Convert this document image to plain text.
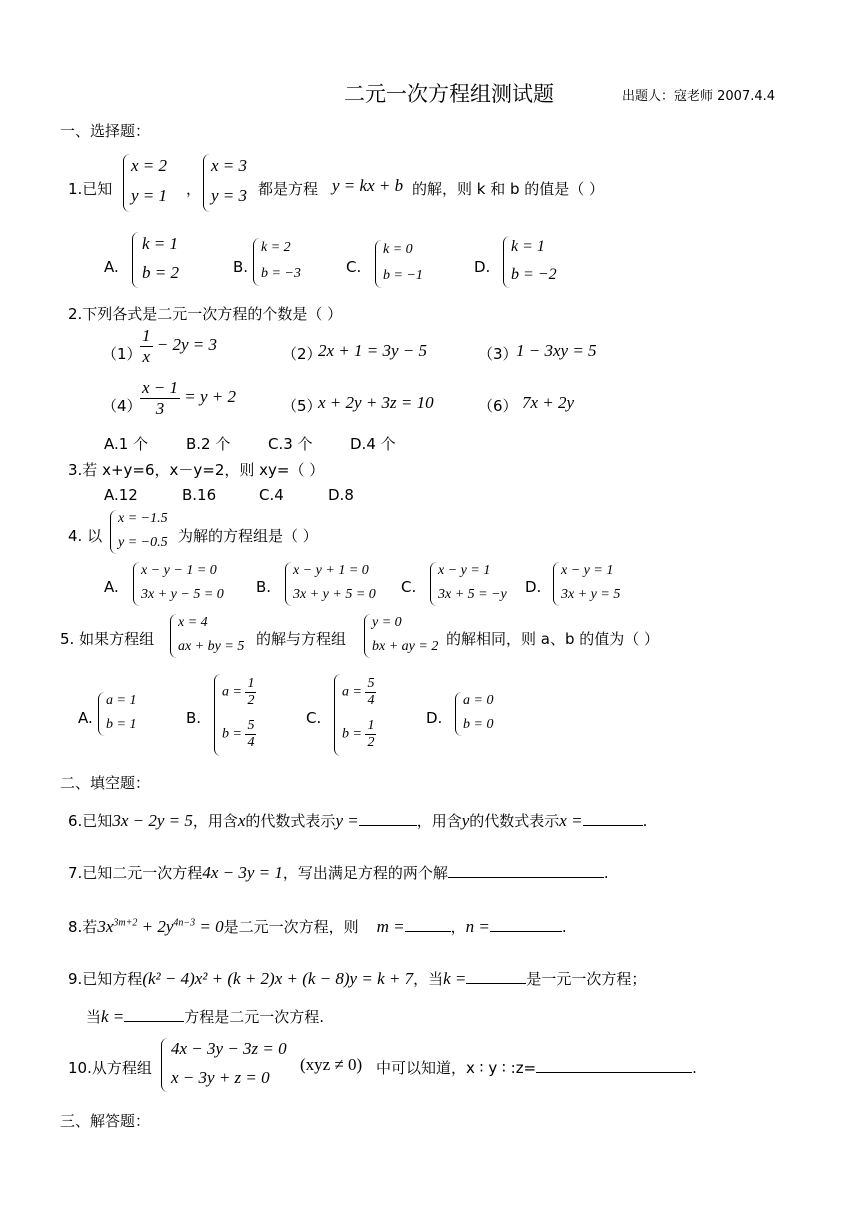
二元一次方程组测试题	出题人：寇老师 2007.4.4
一、选择题：
1.已知
x = 2
y = 1 ，
x = 3
y = 3 都是方程 y = kx + b 的解，则 k 和 b 的值是（ ）
A.
k = 1
b = 2	B.
k = 2
b = −3	C.
k = 0
b = −1	D.
k = 1
b = −2
2.下列各式是二元一次方程的个数是（ ）
（1）
$\frac{1}{x} - 2y = 3$
（2）
2x + 1 = 3y − 5	（3）
1 − 3xy = 5
（4）
$\frac{x - 1}{3} = y + 2$
（5）
x + 2y + 3z = 10	（6） 7x + 2y
A.1 个	B.2 个	C.3 个 D.4 个
3.若 x+y=6，x－y=2，则 xy=（ ）
A.12	B.16	C.4	D.8
4. 以
x = −1.5
y = −0.5 为解的方程组是（ ）
A.
x − y − 1 = 0
3x + y − 5 = 0 B.
x − y + 1 = 0
3x + y + 5 = 0 C.
x − y = 1
3x + 5 = −y D.
x − y = 1
3x + y = 5
5. 如果方程组
x = 4
ax + by = 5 的解与方程组
y = 0
bx + ay = 2 的解相同，则 a、b 的值为（ ）
A.
a = 1
b = 1	B.
$a = \frac{1}{2}$
$b = \frac{5}{4}$	C.
$a = \frac{5}{4}$
$b = \frac{1}{2}$	D.
a = 0
b = 0
二、填空题：
6.已知3x − 2y = 5，用含x的代数式表示y =	，用含y的代数式表示x =	.
7.已知二元一次方程4x − 3y = 1，写出满足方程的两个解	.
8.若$3x^{3m+2} + 2y^{4n-3} = 0$是二元一次方程，则 m =	，n =	.
9.已知方程(k² − 4)x² + (k + 2)x + (k − 8)y = k + 7，当k =	是一元一次方程；
当k =	方程是二元一次方程.
10.从方程组
4x − 3y − 3z = 0
x − 3y + z = 0
(xyz ≠ 0) 中可以知道，x ∶ y ∶ :z=	.
三、解答题：
